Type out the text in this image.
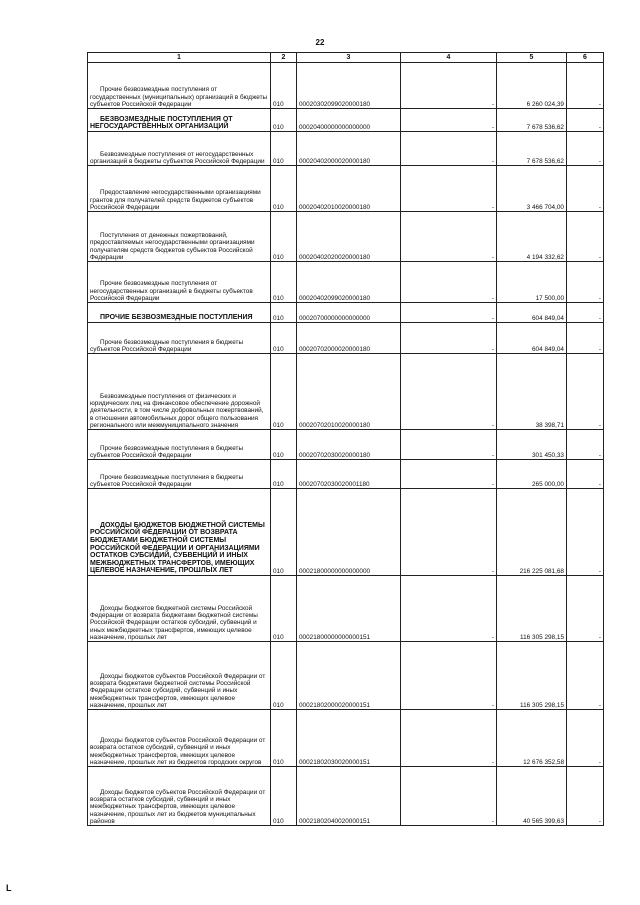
22
1	2	3	4	5	6

Прочие безвозмездные поступления от государственных (муниципальных) организаций в бюджеты субъектов Российской Федерации	010	00020302099020000180	-	6 260 024,39	-

БЕЗВОЗМЕЗДНЫЕ ПОСТУПЛЕНИЯ ОТ НЕГОСУДАРСТВЕННЫХ ОРГАНИЗАЦИЙ	010	00020400000000000000	-	7 678 536,62	-

Безвозмездные поступления от негосударственных организаций в бюджеты субъектов Российской Федерации	010	00020402000020000180	-	7 678 536,62	-

Предоставление негосударственными организациями грантов для получателей средств бюджетов субъектов Российской Федерации	010	00020402010020000180	-	3 466 704,00	-

Поступления от денежных пожертвований, предоставляемых негосударственными организациями получателям средств бюджетов субъектов Российской Федерации	010	00020402020020000180	-	4 194 332,62	-

Прочие безвозмездные поступления от негосударственных организаций в бюджеты субъектов Российской Федерации	010	00020402099020000180	-	17 500,00	-

ПРОЧИЕ БЕЗВОЗМЕЗДНЫЕ ПОСТУПЛЕНИЯ	010	00020700000000000000	-	604 849,04	-

Прочие безвозмездные поступления в бюджеты субъектов Российской Федерации	010	00020702000020000180	-	604 849,04	-

Безвозмездные поступления от физических и юридических лиц на финансовое обеспечение дорожной деятельности, в том числе добровольных пожертвований, в отношении автомобильных дорог общего пользования регионального или межмуниципального значения	010	00020702010020000180	-	38 398,71	-

Прочие безвозмездные поступления в бюджеты субъектов Российской Федерации	010	00020702030020000180	-	301 450,33	-

Прочие безвозмездные поступления в бюджеты субъектов Российской Федерации	010	00020702030020001180	-	265 000,00	-

ДОХОДЫ БЮДЖЕТОВ БЮДЖЕТНОЙ СИСТЕМЫ РОССИЙСКОЙ ФЕДЕРАЦИИ ОТ ВОЗВРАТА БЮДЖЕТАМИ БЮДЖЕТНОЙ СИСТЕМЫ РОССИЙСКОЙ ФЕДЕРАЦИИ И ОРГАНИЗАЦИЯМИ ОСТАТКОВ СУБСИДИЙ, СУБВЕНЦИЙ И ИНЫХ МЕЖБЮДЖЕТНЫХ ТРАНСФЕРТОВ, ИМЕЮЩИХ ЦЕЛЕВОЕ НАЗНАЧЕНИЕ, ПРОШЛЫХ ЛЕТ	010	00021800000000000000	-	216 225 081,68	-

Доходы бюджетов бюджетной системы Российской Федерации от возврата бюджетами бюджетной системы Российской Федерации остатков субсидий, субвенций и иных межбюджетных трансфертов, имеющих целевое назначение, прошлых лет	010	00021800000000000151	-	116 305 298,15	-

Доходы бюджетов субъектов Российской Федерации от возврата бюджетами бюджетной системы Российской Федерации остатков субсидий, субвенций и иных межбюджетных трансфертов, имеющих целевое назначение, прошлых лет	010	00021802000020000151	-	116 305 298,15	-

Доходы бюджетов субъектов Российской Федерации от возврата остатков субсидий, субвенций и иных межбюджетных трансфертов, имеющих целевое назначение, прошлых лет из бюджетов городских округов	010	00021802030020000151	-	12 676 352,58	-

Доходы бюджетов субъектов Российской Федерации от возврата остатков субсидий, субвенций и иных межбюджетных трансфертов, имеющих целевое назначение, прошлых лет из бюджетов муниципальных районов	010	00021802040020000151	-	40 565 399,63	-
L
